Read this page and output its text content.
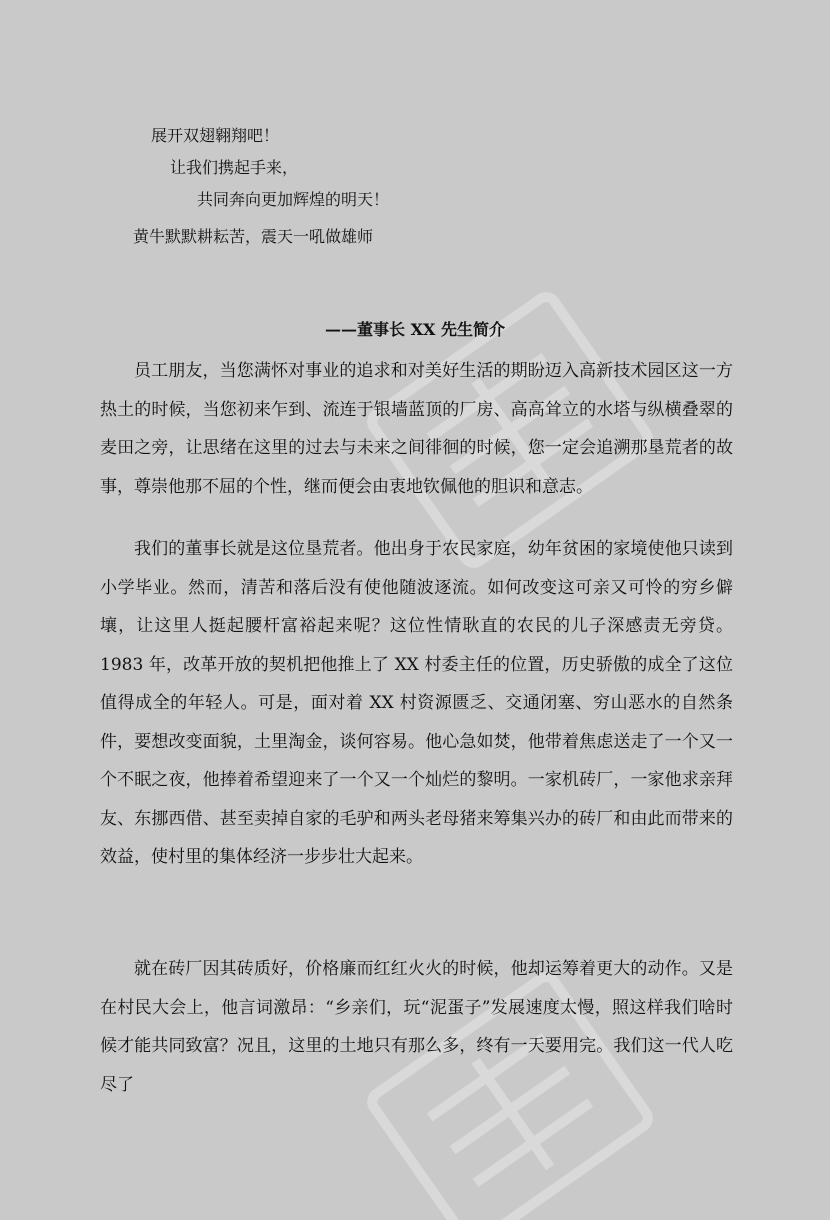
展开双翅翱翔吧！
让我们携起手来，
共同奔向更加辉煌的明天！
黄牛默默耕耘苦，震天一吼做雄师
——董事长 XX 先生简介

员工朋友，当您满怀对事业的追求和对美好生活的期盼迈入高新技术园区这一方热土的时候，当您初来乍到、流连于银墙蓝顶的厂房、高高耸立的水塔与纵横叠翠的麦田之旁，让思绪在这里的过去与未来之间徘徊的时候，您一定会追溯那垦荒者的故事，尊崇他那不屈的个性，继而便会由衷地钦佩他的胆识和意志。

我们的董事长就是这位垦荒者。他出身于农民家庭，幼年贫困的家境使他只读到小学毕业。然而，清苦和落后没有使他随波逐流。如何改变这可亲又可怜的穷乡僻壤，让这里人挺起腰杆富裕起来呢？这位性情耿直的农民的儿子深感责无旁贷。1983 年，改革开放的契机把他推上了 XX 村委主任的位置，历史骄傲的成全了这位值得成全的年轻人。可是，面对着 XX 村资源匮乏、交通闭塞、穷山恶水的自然条件，要想改变面貌，土里淘金，谈何容易。他心急如焚，他带着焦虑送走了一个又一个不眠之夜，他捧着希望迎来了一个又一个灿烂的黎明。一家机砖厂，一家他求亲拜友、东挪西借、甚至卖掉自家的毛驴和两头老母猪来筹集兴办的砖厂和由此而带来的效益，使村里的集体经济一步步壮大起来。

就在砖厂因其砖质好，价格廉而红红火火的时候，他却运筹着更大的动作。又是在村民大会上，他言词激昂：“乡亲们，玩“泥蛋子”发展速度太慢，照这样我们啥时候才能共同致富？况且，这里的土地只有那么多，终有一天要用完。我们这一代人吃尽了
